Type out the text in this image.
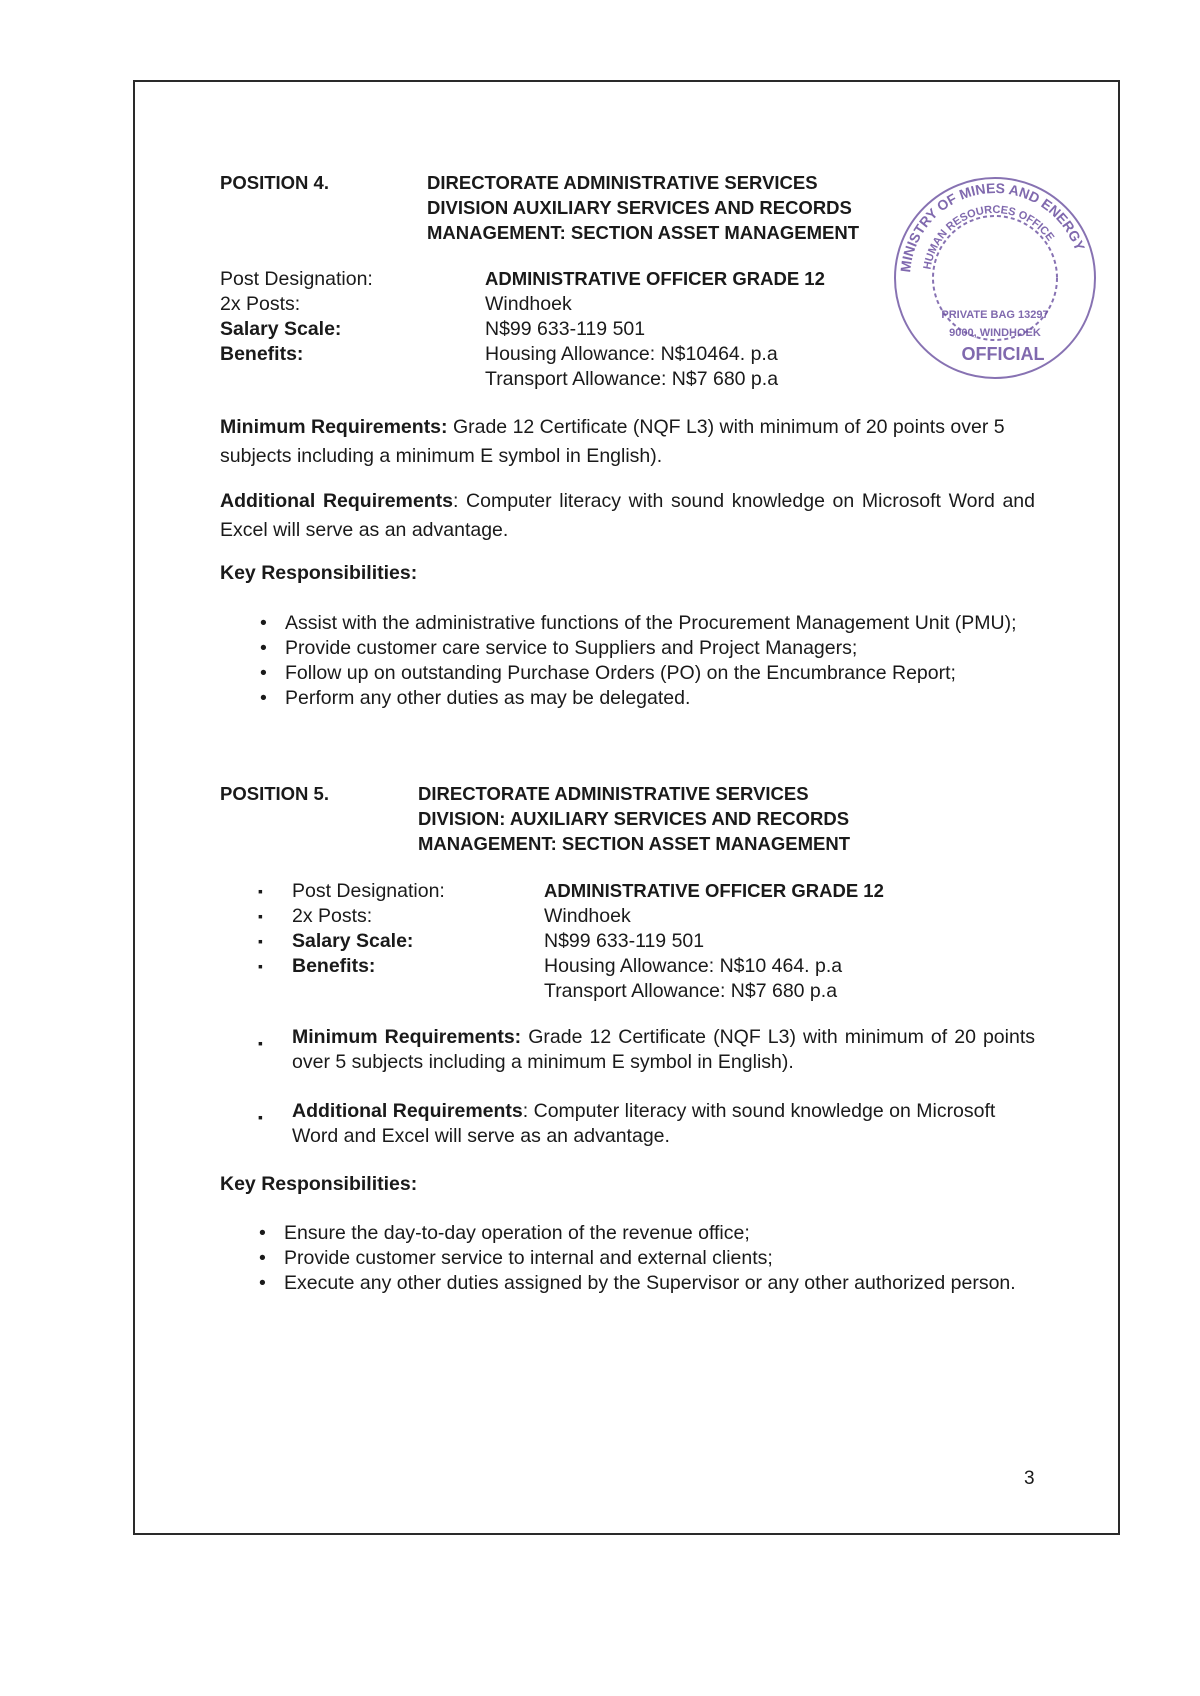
POSITION 4.	DIRECTORATE ADMINISTRATIVE SERVICES
DIVISION AUXILIARY SERVICES AND RECORDS
MANAGEMENT: SECTION ASSET MANAGEMENT
Post Designation:	ADMINISTRATIVE OFFICER GRADE 12
2x Posts:	Windhoek
Salary Scale:	N$99 633-119 501
Benefits:	Housing Allowance: N$10464. p.a
Transport Allowance: N$7 680 p.a
Minimum Requirements: Grade 12 Certificate (NQF L3) with minimum of 20 points over 5 subjects including a minimum E symbol in English).
Additional Requirements: Computer literacy with sound knowledge on Microsoft Word and Excel will serve as an advantage.
Key Responsibilities:
• Assist with the administrative functions of the Procurement Management Unit (PMU);
• Provide customer care service to Suppliers and Project Managers;
• Follow up on outstanding Purchase Orders (PO) on the Encumbrance Report;
• Perform any other duties as may be delegated.
POSITION 5.	DIRECTORATE ADMINISTRATIVE SERVICES
DIVISION: AUXILIARY SERVICES AND RECORDS
MANAGEMENT: SECTION ASSET MANAGEMENT
▪ Post Designation:	ADMINISTRATIVE OFFICER GRADE 12
▪ 2x Posts:	Windhoek
▪ Salary Scale:	N$99 633-119 501
▪ Benefits:	Housing Allowance: N$10 464. p.a
Transport Allowance: N$7 680 p.a
▪ Minimum Requirements: Grade 12 Certificate (NQF L3) with minimum of 20 points over 5 subjects including a minimum E symbol in English).
▪ Additional Requirements: Computer literacy with sound knowledge on Microsoft Word and Excel will serve as an advantage.
Key Responsibilities:
• Ensure the day-to-day operation of the revenue office;
• Provide customer service to internal and external clients;
• Execute any other duties assigned by the Supervisor or any other authorized person.
MINISTRY OF MINES AND ENERGY
HUMAN RESOURCES OFFICE
PRIVATE BAG 13297
9000, WINDHOEK
OFFICIAL
3
